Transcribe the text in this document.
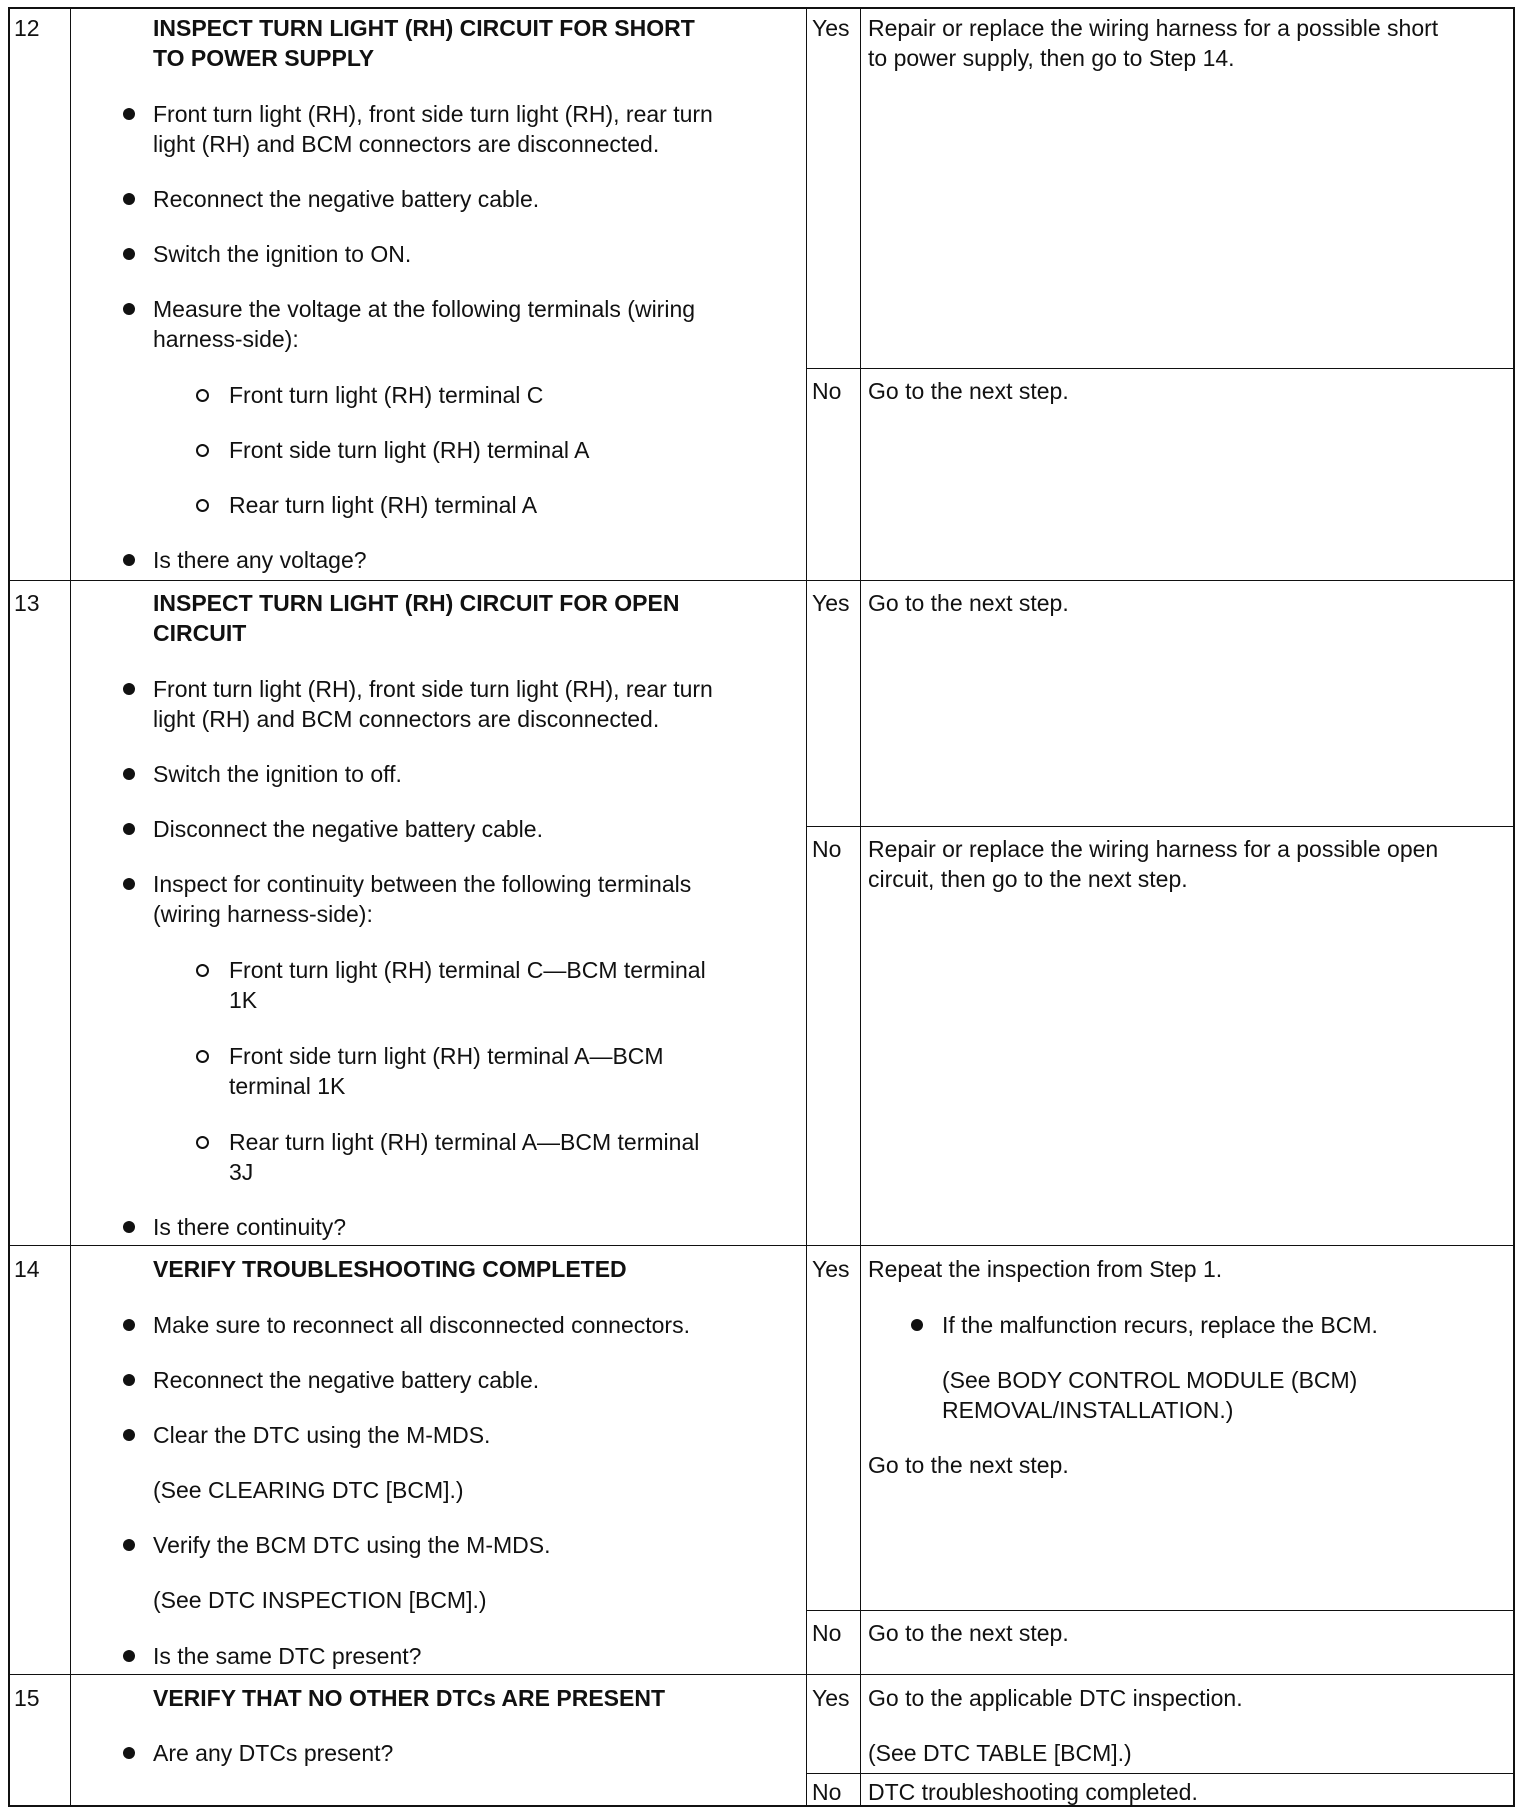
12	INSPECT TURN LIGHT (RH) CIRCUIT FOR SHORT
TO POWER SUPPLY
Front turn light (RH), front side turn light (RH), rear turn
light (RH) and BCM connectors are disconnected.
Reconnect the negative battery cable.
Switch the ignition to ON.
Measure the voltage at the following terminals (wiring
harness-side):
Front turn light (RH) terminal C
Front side turn light (RH) terminal A
Rear turn light (RH) terminal A
Is there any voltage?
Yes Repair or replace the wiring harness for a possible short
to power supply, then go to Step 14.
No Go to the next step.
13	INSPECT TURN LIGHT (RH) CIRCUIT FOR OPEN
CIRCUIT
Front turn light (RH), front side turn light (RH), rear turn
light (RH) and BCM connectors are disconnected.
Switch the ignition to off.
Disconnect the negative battery cable.
Inspect for continuity between the following terminals
(wiring harness-side):
Front turn light (RH) terminal C—BCM terminal
1K
Front side turn light (RH) terminal A—BCM
terminal 1K
Rear turn light (RH) terminal A—BCM terminal
3J
Is there continuity?
Yes Go to the next step.
No Repair or replace the wiring harness for a possible open
circuit, then go to the next step.
14	VERIFY TROUBLESHOOTING COMPLETED
Make sure to reconnect all disconnected connectors.
Reconnect the negative battery cable.
Clear the DTC using the M-MDS.
(See CLEARING DTC [BCM].)
Verify the BCM DTC using the M-MDS.
(See DTC INSPECTION [BCM].)
Is the same DTC present?
Yes Repeat the inspection from Step 1.
If the malfunction recurs, replace the BCM.
(See BODY CONTROL MODULE (BCM)
REMOVAL/INSTALLATION.)
Go to the next step.
No Go to the next step.
15	VERIFY THAT NO OTHER DTCs ARE PRESENT
Are any DTCs present?
Yes Go to the applicable DTC inspection.
(See DTC TABLE [BCM].)
No DTC troubleshooting completed.
